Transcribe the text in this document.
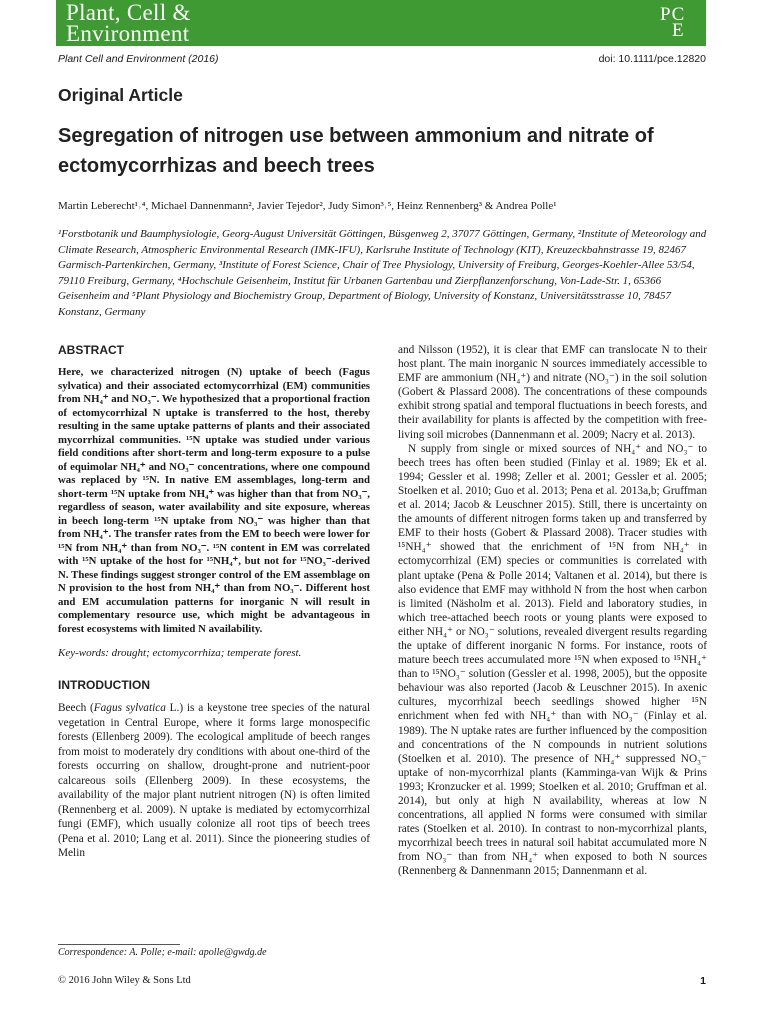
Plant, Cell &
Environment
PC
E
Plant Cell and Environment (2016)	doi: 10.1111/pce.12820
Original Article
Segregation of nitrogen use between ammonium and nitrate of ectomycorrhizas and beech trees
Martin Leberecht¹˒⁴, Michael Dannenmann², Javier Tejedor², Judy Simon³˒⁵, Heinz Rennenberg³ & Andrea Polle¹
¹Forstbotanik und Baumphysiologie, Georg-August Universität Göttingen, Büsgenweg 2, 37077 Göttingen, Germany, ²Institute of Meteorology and Climate Research, Atmospheric Environmental Research (IMK-IFU), Karlsruhe Institute of Technology (KIT), Kreuzeckbahnstrasse 19, 82467 Garmisch-Partenkirchen, Germany, ³Institute of Forest Science, Chair of Tree Physiology, University of Freiburg, Georges-Koehler-Allee 53/54, 79110 Freiburg, Germany, ⁴Hochschule Geisenheim, Institut für Urbanen Gartenbau und Zierpflanzenforschung, Von-Lade-Str. 1, 65366 Geisenheim and ⁵Plant Physiology and Biochemistry Group, Department of Biology, University of Konstanz, Universitätsstrasse 10, 78457 Konstanz, Germany
ABSTRACT

Here, we characterized nitrogen (N) uptake of beech (Fagus sylvatica) and their associated ectomycorrhizal (EM) communities from NH₄⁺ and NO₃⁻. We hypothesized that a proportional fraction of ectomycorrhizal N uptake is transferred to the host, thereby resulting in the same uptake patterns of plants and their associated mycorrhizal communities. ¹⁵N uptake was studied under various field conditions after short-term and long-term exposure to a pulse of equimolar NH₄⁺ and NO₃⁻ concentrations, where one compound was replaced by ¹⁵N. In native EM assemblages, long-term and short-term ¹⁵N uptake from NH₄⁺ was higher than that from NO₃⁻, regardless of season, water availability and site exposure, whereas in beech long-term ¹⁵N uptake from NO₃⁻ was higher than that from NH₄⁺. The transfer rates from the EM to beech were lower for ¹⁵N from NH₄⁺ than from NO₃⁻. ¹⁵N content in EM was correlated with ¹⁵N uptake of the host for ¹⁵NH₄⁺, but not for ¹⁵NO₃⁻-derived N. These findings suggest stronger control of the EM assemblage on N provision to the host from NH₄⁺ than from NO₃⁻. Different host and EM accumulation patterns for inorganic N will result in complementary resource use, which might be advantageous in forest ecosystems with limited N availability.

Key-words: drought; ectomycorrhiza; temperate forest.

INTRODUCTION

Beech (Fagus sylvatica L.) is a keystone tree species of the natural vegetation in Central Europe, where it forms large monospecific forests (Ellenberg 2009). The ecological amplitude of beech ranges from moist to moderately dry conditions with about one-third of the forests occurring on shallow, drought-prone and nutrient-poor calcareous soils (Ellenberg 2009). In these ecosystems, the availability of the major plant nutrient nitrogen (N) is often limited (Rennenberg et al. 2009). N uptake is mediated by ectomycorrhizal fungi (EMF), which usually colonize all root tips of beech trees (Pena et al. 2010; Lang et al. 2011). Since the pioneering studies of Melin

Correspondence: A. Polle; e-mail: apolle@gwdg.de

and Nilsson (1952), it is clear that EMF can translocate N to their host plant. The main inorganic N sources immediately accessible to EMF are ammonium (NH₄⁺) and nitrate (NO₃⁻) in the soil solution (Gobert & Plassard 2008). The concentrations of these compounds exhibit strong spatial and temporal fluctuations in beech forests, and their availability for plants is affected by the competition with free-living soil microbes (Dannenmann et al. 2009; Nacry et al. 2013).

N supply from single or mixed sources of NH₄⁺ and NO₃⁻ to beech trees has often been studied (Finlay et al. 1989; Ek et al. 1994; Gessler et al. 1998; Zeller et al. 2001; Gessler et al. 2005; Stoelken et al. 2010; Guo et al. 2013; Pena et al. 2013a,b; Gruffman et al. 2014; Jacob & Leuschner 2015). Still, there is uncertainty on the amounts of different nitrogen forms taken up and transferred by EMF to their hosts (Gobert & Plassard 2008). Tracer studies with ¹⁵NH₄⁺ showed that the enrichment of ¹⁵N from NH₄⁺ in ectomycorrhizal (EM) species or communities is correlated with plant uptake (Pena & Polle 2014; Valtanen et al. 2014), but there is also evidence that EMF may withhold N from the host when carbon is limited (Näsholm et al. 2013). Field and laboratory studies, in which tree-attached beech roots or young plants were exposed to either NH₄⁺ or NO₃⁻ solutions, revealed divergent results regarding the uptake of different inorganic N forms. For instance, roots of mature beech trees accumulated more ¹⁵N when exposed to ¹⁵NH₄⁺ than to ¹⁵NO₃⁻ solution (Gessler et al. 1998, 2005), but the opposite behaviour was also reported (Jacob & Leuschner 2015). In axenic cultures, mycorrhizal beech seedlings showed higher ¹⁵N enrichment when fed with NH₄⁺ than with NO₃⁻ (Finlay et al. 1989). The N uptake rates are further influenced by the composition and concentrations of the N compounds in nutrient solutions (Stoelken et al. 2010). The presence of NH₄⁺ suppressed NO₃⁻ uptake of non-mycorrhizal plants (Kamminga-van Wijk & Prins 1993; Kronzucker et al. 1999; Stoelken et al. 2010; Gruffman et al. 2014), but only at high N availability, whereas at low N concentrations, all applied N forms were consumed with similar rates (Stoelken et al. 2010). In contrast to non-mycorrhizal plants, mycorrhizal beech trees in natural soil habitat accumulated more N from NO₃⁻ than from NH₄⁺ when exposed to both N sources (Rennenberg & Dannenmann 2015; Dannenmann et al.

© 2016 John Wiley & Sons Ltd	1
